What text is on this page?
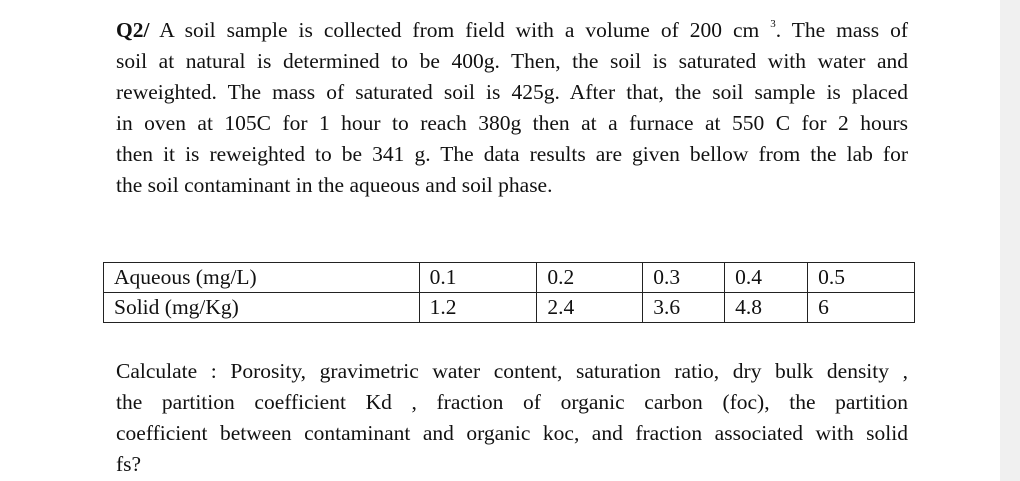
Q2/ A soil sample is collected from field with a volume of 200 cm $^3$. The mass of
soil at natural is determined to be 400g. Then, the soil is saturated with water and
reweighted. The mass of saturated soil is 425g. After that, the soil sample is placed
in oven at 105C for 1 hour to reach 380g then at a furnace at 550 C for 2 hours
then it is reweighted to be 341 g. The data results are given bellow from the lab for
the soil contaminant in the aqueous and soil phase.
Aqueous (mg/L)	0.1	0.2	0.3	0.4	0.5
Solid (mg/Kg)	1.2	2.4	3.6	4.8	6
Calculate : Porosity, gravimetric water content, saturation ratio, dry bulk density ,
the partition coefficient Kd , fraction of organic carbon (foc), the partition
coefficient between contaminant and organic koc, and fraction associated with solid
fs?
